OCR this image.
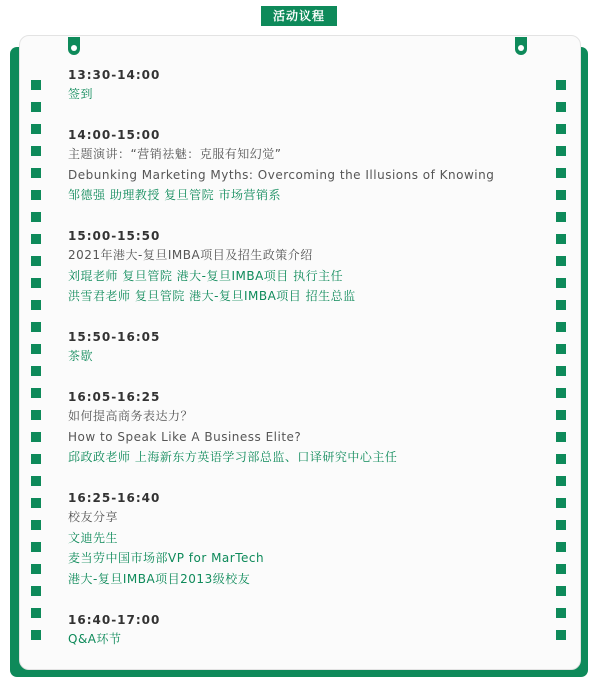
活动议程
13:30-14:00
签到
14:00-15:00
主题演讲：“营销祛魅：克服有知幻觉”
Debunking Marketing Myths: Overcoming the Illusions of Knowing
邹德强 助理教授 复旦管院 市场营销系
15:00-15:50
2021年港大-复旦IMBA项目及招生政策介绍
刘琨老师 复旦管院 港大-复旦IMBA项目 执行主任
洪雪君老师 复旦管院 港大-复旦IMBA项目 招生总监
15:50-16:05
茶歇
16:05-16:25
如何提高商务表达力？
How to Speak Like A Business Elite?
邱政政老师 上海新东方英语学习部总监、口译研究中心主任
16:25-16:40
校友分享
文迪先生
麦当劳中国市场部VP for MarTech
港大-复旦IMBA项目2013级校友
16:40-17:00
Q&A环节
